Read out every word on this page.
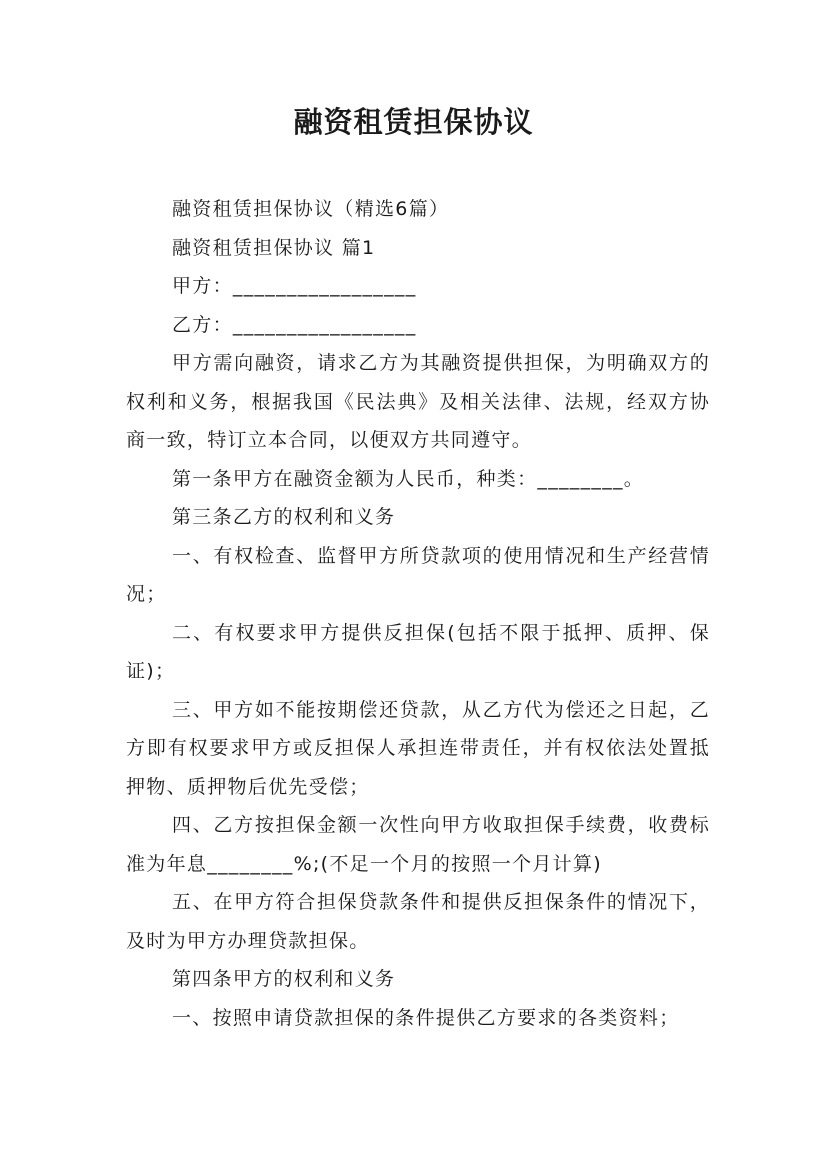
融资租赁担保协议

融资租赁担保协议（精选6篇）

融资租赁担保协议 篇1

甲方：_________________

乙方：_________________

甲方需向融资，请求乙方为其融资提供担保，为明确双方的权利和义务，根据我国《民法典》及相关法律、法规，经双方协商一致，特订立本合同，以便双方共同遵守。

第一条甲方在融资金额为人民币，种类：________。

第三条乙方的权利和义务

一、有权检查、监督甲方所贷款项的使用情况和生产经营情况；

二、有权要求甲方提供反担保(包括不限于抵押、质押、保证)；

三、甲方如不能按期偿还贷款，从乙方代为偿还之日起，乙方即有权要求甲方或反担保人承担连带责任，并有权依法处置抵押物、质押物后优先受偿；

四、乙方按担保金额一次性向甲方收取担保手续费，收费标准为年息________%;(不足一个月的按照一个月计算)

五、在甲方符合担保贷款条件和提供反担保条件的情况下，及时为甲方办理贷款担保。

第四条甲方的权利和义务

一、按照申请贷款担保的条件提供乙方要求的各类资料；
